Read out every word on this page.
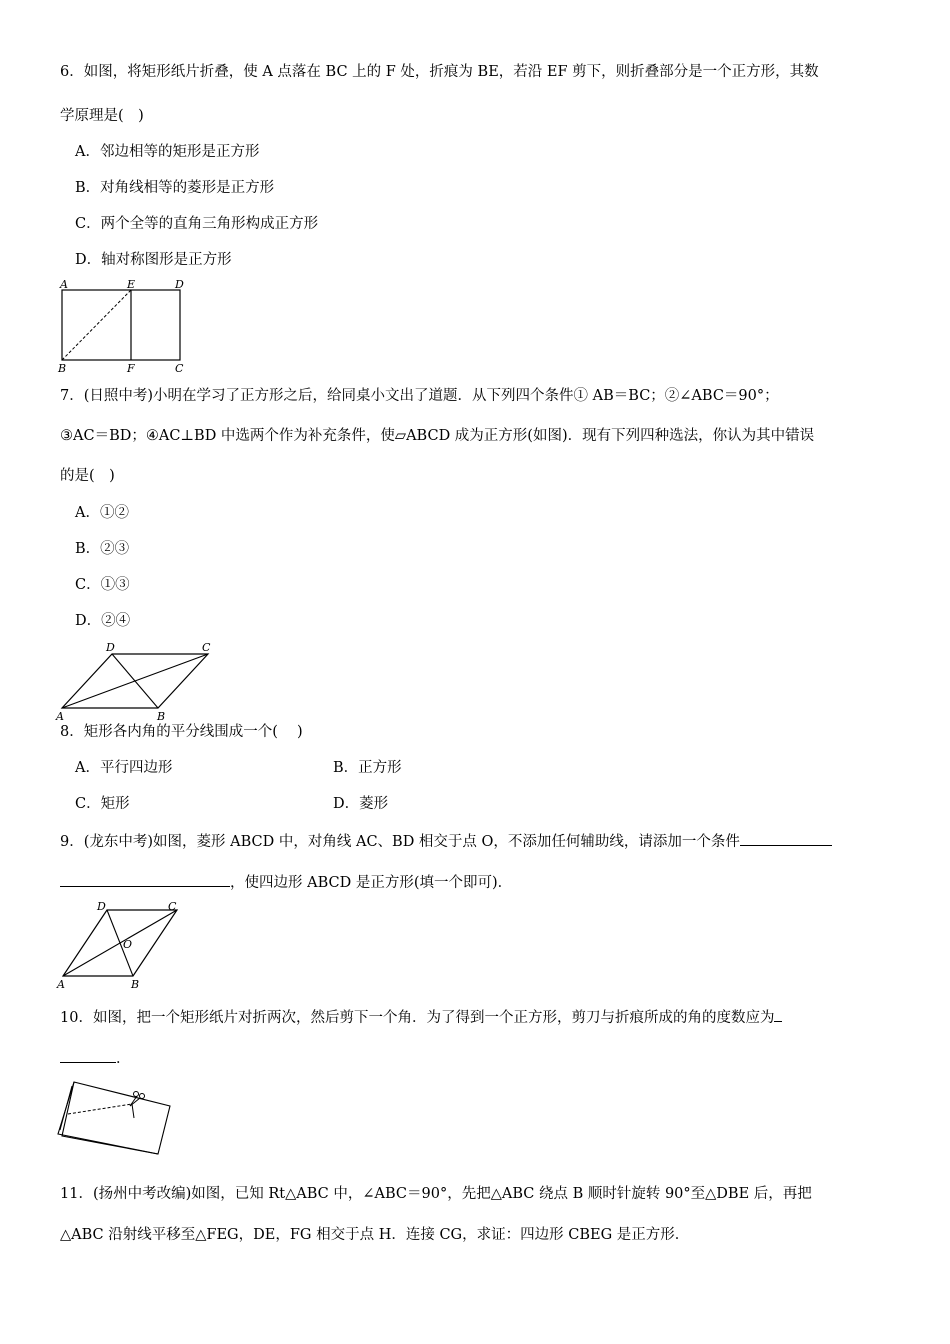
6．如图，将矩形纸片折叠，使 A 点落在 BC 上的 F 处，折痕为 BE，若沿 EF 剪下，则折叠部分是一个正方形，其数
学原理是(　)
A．邻边相等的矩形是正方形
B．对角线相等的菱形是正方形
C．两个全等的直角三角形构成正方形
D．轴对称图形是正方形
A	E	D
B	F	C
7．(日照中考)小明在学习了正方形之后，给同桌小文出了道题．从下列四个条件① AB＝BC；②∠ABC＝90°；
③AC＝BD；④AC⊥BD 中选两个作为补充条件，使▱ABCD 成为正方形(如图)．现有下列四种选法，你认为其中错误
的是(　)
A．①②
B．②③
C．①③
D．②④
D	C
A	B
8．矩形各内角的平分线围成一个(　 )
A．平行四边形	B．正方形
C．矩形	D．菱形
9．(龙东中考)如图，菱形 ABCD 中，对角线 AC、BD 相交于点 O，不添加任何辅助线，请添加一个条件
，使四边形 ABCD 是正方形(填一个即可)．
D	C
O
A	B
10．如图，把一个矩形纸片对折两次，然后剪下一个角．为了得到一个正方形，剪刀与折痕所成的角的度数应为
．
11．(扬州中考改编)如图，已知 Rt△ABC 中，∠ABC＝90°，先把△ABC 绕点 B 顺时针旋转 90°至△DBE 后，再把
△ABC 沿射线平移至△FEG，DE，FG 相交于点 H．连接 CG，求证：四边形 CBEG 是正方形．
